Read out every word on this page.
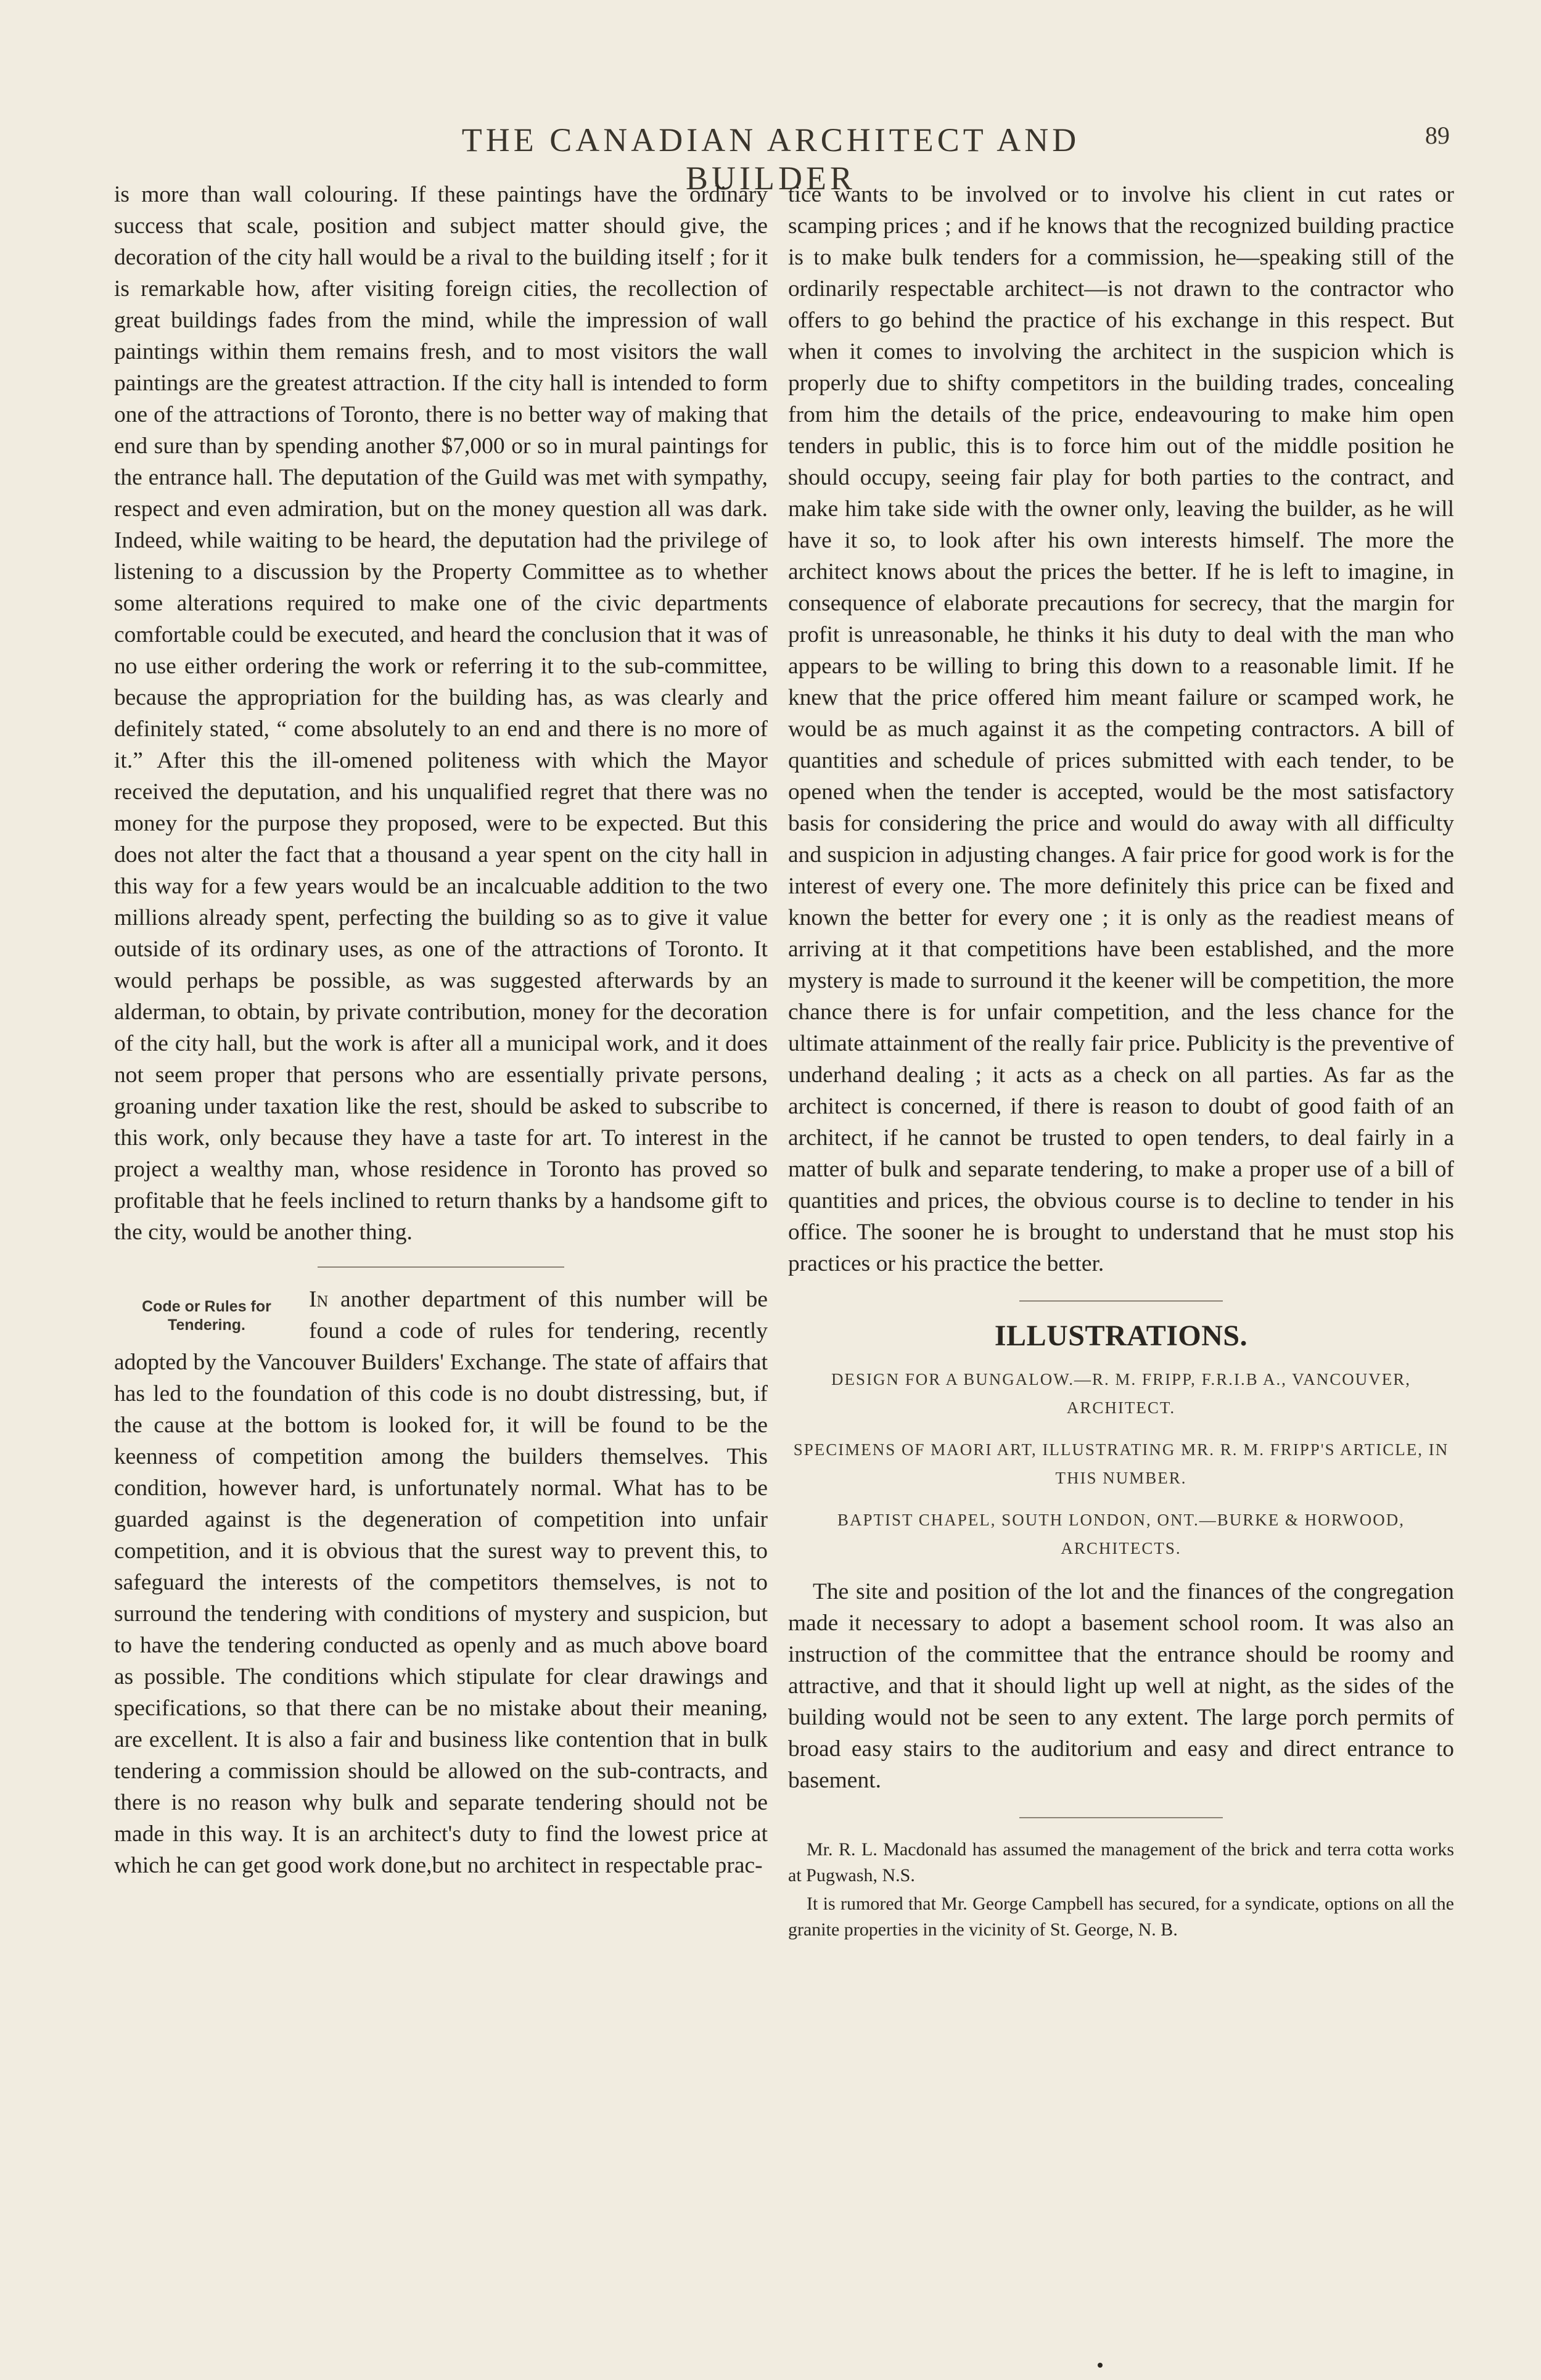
THE CANADIAN ARCHITECT AND BUILDER
89

is more than wall colouring. If these paintings have the ordinary success that scale, position and subject matter should give, the decoration of the city hall would be a rival to the building itself ; for it is remarkable how, after visiting foreign cities, the recollection of great buildings fades from the mind, while the impression of wall paintings within them remains fresh, and to most visitors the wall paintings are the greatest attraction. If the city hall is intended to form one of the attractions of Toronto, there is no better way of making that end sure than by spending another $7,000 or so in mural paintings for the entrance hall. The deputation of the Guild was met with sympathy, respect and even admiration, but on the money question all was dark. Indeed, while waiting to be heard, the deputation had the privilege of listening to a discussion by the Property Committee as to whether some alterations required to make one of the civic departments comfortable could be executed, and heard the conclusion that it was of no use either ordering the work or referring it to the sub-committee, because the appropriation for the building has, as was clearly and definitely stated, “ come absolutely to an end and there is no more of it.” After this the ill-omened politeness with which the Mayor received the deputation, and his unqualified regret that there was no money for the purpose they proposed, were to be expected. But this does not alter the fact that a thousand a year spent on the city hall in this way for a few years would be an incalcuable addition to the two millions already spent, perfecting the building so as to give it value outside of its ordinary uses, as one of the attractions of Toronto. It would perhaps be possible, as was suggested afterwards by an alderman, to obtain, by private contribution, money for the decoration of the city hall, but the work is after all a municipal work, and it does not seem proper that persons who are essentially private persons, groaning under taxation like the rest, should be asked to subscribe to this work, only because they have a taste for art. To interest in the project a wealthy man, whose residence in Toronto has proved so profitable that he feels inclined to return thanks by a handsome gift to the city, would be another thing.

Code or Rules for Tendering.

In another department of this number will be found a code of rules for tendering, recently adopted by the Vancouver Builders' Exchange. The state of affairs that has led to the foundation of this code is no doubt distressing, but, if the cause at the bottom is looked for, it will be found to be the keenness of competition among the builders themselves. This condition, however hard, is unfortunately normal. What has to be guarded against is the degeneration of competition into unfair competition, and it is obvious that the surest way to prevent this, to safeguard the interests of the competitors themselves, is not to surround the tendering with conditions of mystery and suspicion, but to have the tendering conducted as openly and as much above board as possible. The conditions which stipulate for clear drawings and specifications, so that there can be no mistake about their meaning, are excellent. It is also a fair and business like contention that in bulk tendering a commission should be allowed on the sub-contracts, and there is no reason why bulk and separate tendering should not be made in this way. It is an architect's duty to find the lowest price at which he can get good work done,but no architect in respectable prac-

tice wants to be involved or to involve his client in cut rates or scamping prices ; and if he knows that the recognized building practice is to make bulk tenders for a commission, he—speaking still of the ordinarily respectable architect—is not drawn to the contractor who offers to go behind the practice of his exchange in this respect. But when it comes to involving the architect in the suspicion which is properly due to shifty competitors in the building trades, concealing from him the details of the price, endeavouring to make him open tenders in public, this is to force him out of the middle position he should occupy, seeing fair play for both parties to the contract, and make him take side with the owner only, leaving the builder, as he will have it so, to look after his own interests himself. The more the architect knows about the prices the better. If he is left to imagine, in consequence of elaborate precautions for secrecy, that the margin for profit is unreasonable, he thinks it his duty to deal with the man who appears to be willing to bring this down to a reasonable limit. If he knew that the price offered him meant failure or scamped work, he would be as much against it as the competing contractors. A bill of quantities and schedule of prices submitted with each tender, to be opened when the tender is accepted, would be the most satisfactory basis for considering the price and would do away with all difficulty and suspicion in adjusting changes. A fair price for good work is for the interest of every one. The more definitely this price can be fixed and known the better for every one ; it is only as the readiest means of arriving at it that competitions have been established, and the more mystery is made to surround it the keener will be competition, the more chance there is for unfair competition, and the less chance for the ultimate attainment of the really fair price. Publicity is the preventive of underhand dealing ; it acts as a check on all parties. As far as the architect is concerned, if there is reason to doubt of good faith of an architect, if he cannot be trusted to open tenders, to deal fairly in a matter of bulk and separate tendering, to make a proper use of a bill of quantities and prices, the obvious course is to decline to tender in his office. The sooner he is brought to understand that he must stop his practices or his practice the better.

ILLUSTRATIONS.
DESIGN FOR A BUNGALOW.—R. M. FRIPP, F.R.I.B A., VANCOUVER, ARCHITECT.
SPECIMENS OF MAORI ART, ILLUSTRATING MR. R. M. FRIPP'S ARTICLE, IN THIS NUMBER.
BAPTIST CHAPEL, SOUTH LONDON, ONT.—BURKE & HORWOOD, ARCHITECTS.

The site and position of the lot and the finances of the congregation made it necessary to adopt a basement school room. It was also an instruction of the committee that the entrance should be roomy and attractive, and that it should light up well at night, as the sides of the building would not be seen to any extent. The large porch permits of broad easy stairs to the auditorium and easy and direct entrance to basement.

Mr. R. L. Macdonald has assumed the management of the brick and terra cotta works at Pugwash, N.S.

It is rumored that Mr. George Campbell has secured, for a syndicate, options on all the granite properties in the vicinity of St. George, N. B.
